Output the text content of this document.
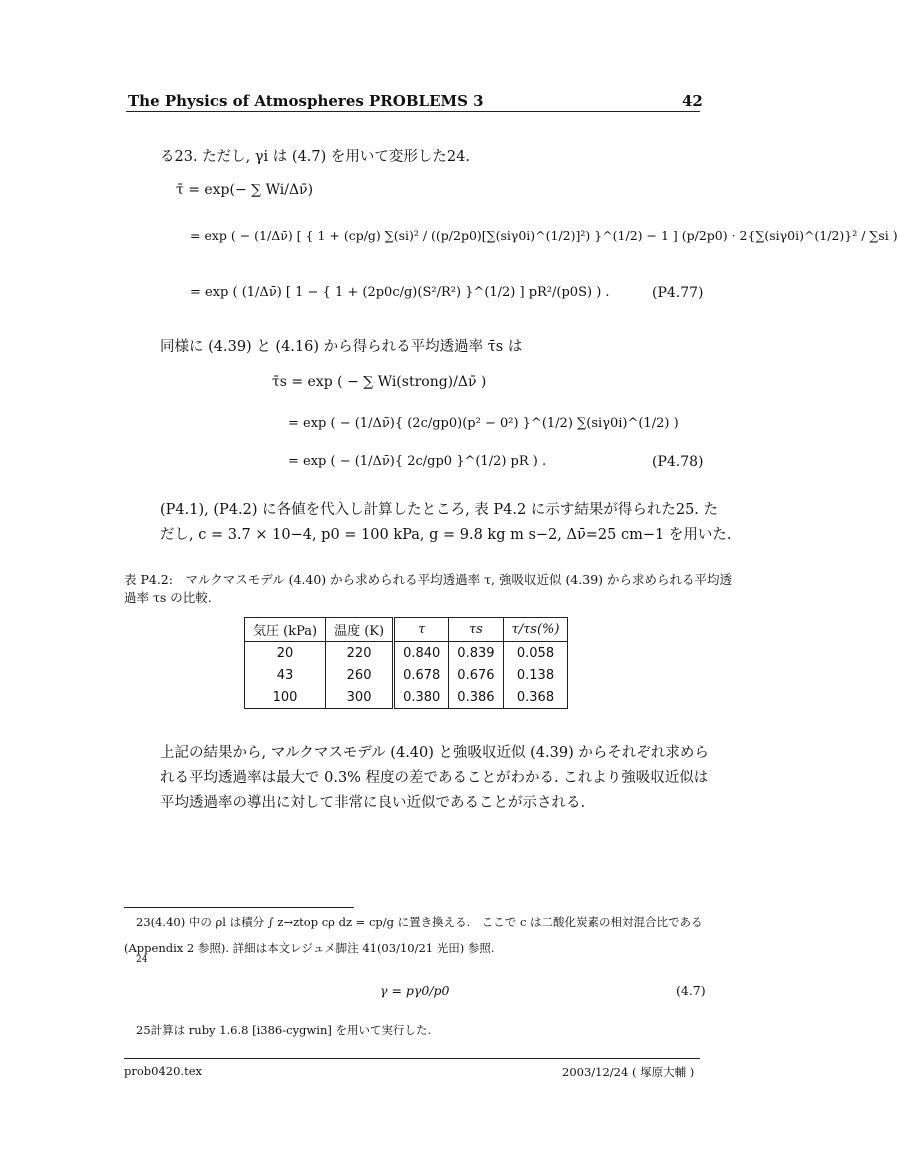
The Physics of Atmospheres PROBLEMS 3	42
る23. ただし, γi は (4.7) を用いて変形した24.
τ̄ = exp(− ∑ Wi/Δν̄)
= exp ( − (1/Δν̄) [ { 1 + (cp/g) ∑(si)² / ((p/2p0)[∑(siγ0i)^(1/2)]²) }^(1/2) − 1 ] (p/2p0) · 2{∑(siγ0i)^(1/2)}² / ∑si )
= exp ( (1/Δν̄) [ 1 − { 1 + (2p0c/g)(S²/R²) }^(1/2) ] pR²/(p0S) ) .	(P4.77)
同様に (4.39) と (4.16) から得られる平均透過率 τ̄s は
τ̄s = exp ( − ∑ Wi(strong)/Δν̄ )
= exp ( − (1/Δν̄){ (2c/gp0)(p² − 0²) }^(1/2) ∑(siγ0i)^(1/2) )
= exp ( − (1/Δν̄){ 2c/gp0 }^(1/2) pR ) .	(P4.78)
(P4.1), (P4.2) に各値を代入し計算したところ, 表 P4.2 に示す結果が得られた25. た
だし, c = 3.7 × 10−4, p0 = 100 kPa, g = 9.8 kg m s−2, Δν̄=25 cm−1 を用いた.
表 P4.2:　マルクマスモデル (4.40) から求められる平均透過率 τ, 強吸収近似 (4.39) から求められる平均透
過率 τs の比較.
気圧 (kPa)	温度 (K)	τ	τs	τ/τs(%)
20	220	0.840	0.839	0.058
43	260	0.678	0.676	0.138
100	300	0.380	0.386	0.368
上記の結果から, マルクマスモデル (4.40) と強吸収近似 (4.39) からそれぞれ求めら
れる平均透過率は最大で 0.3% 程度の差であることがわかる. これより強吸収近似は
平均透過率の導出に対して非常に良い近似であることが示される.
23(4.40) 中の ρl は積分 ∫ z→ztop cρ dz = cp/g に置き換える.　ここで c は二酸化炭素の相対混合比である
(Appendix 2 参照). 詳細は本文レジュメ脚注 41(03/10/21 光田) 参照.
24
γ = pγ0/p0	(4.7)
25計算は ruby 1.6.8 [i386-cygwin] を用いて実行した.
prob0420.tex	2003/12/24 ( 塚原大輔 )
